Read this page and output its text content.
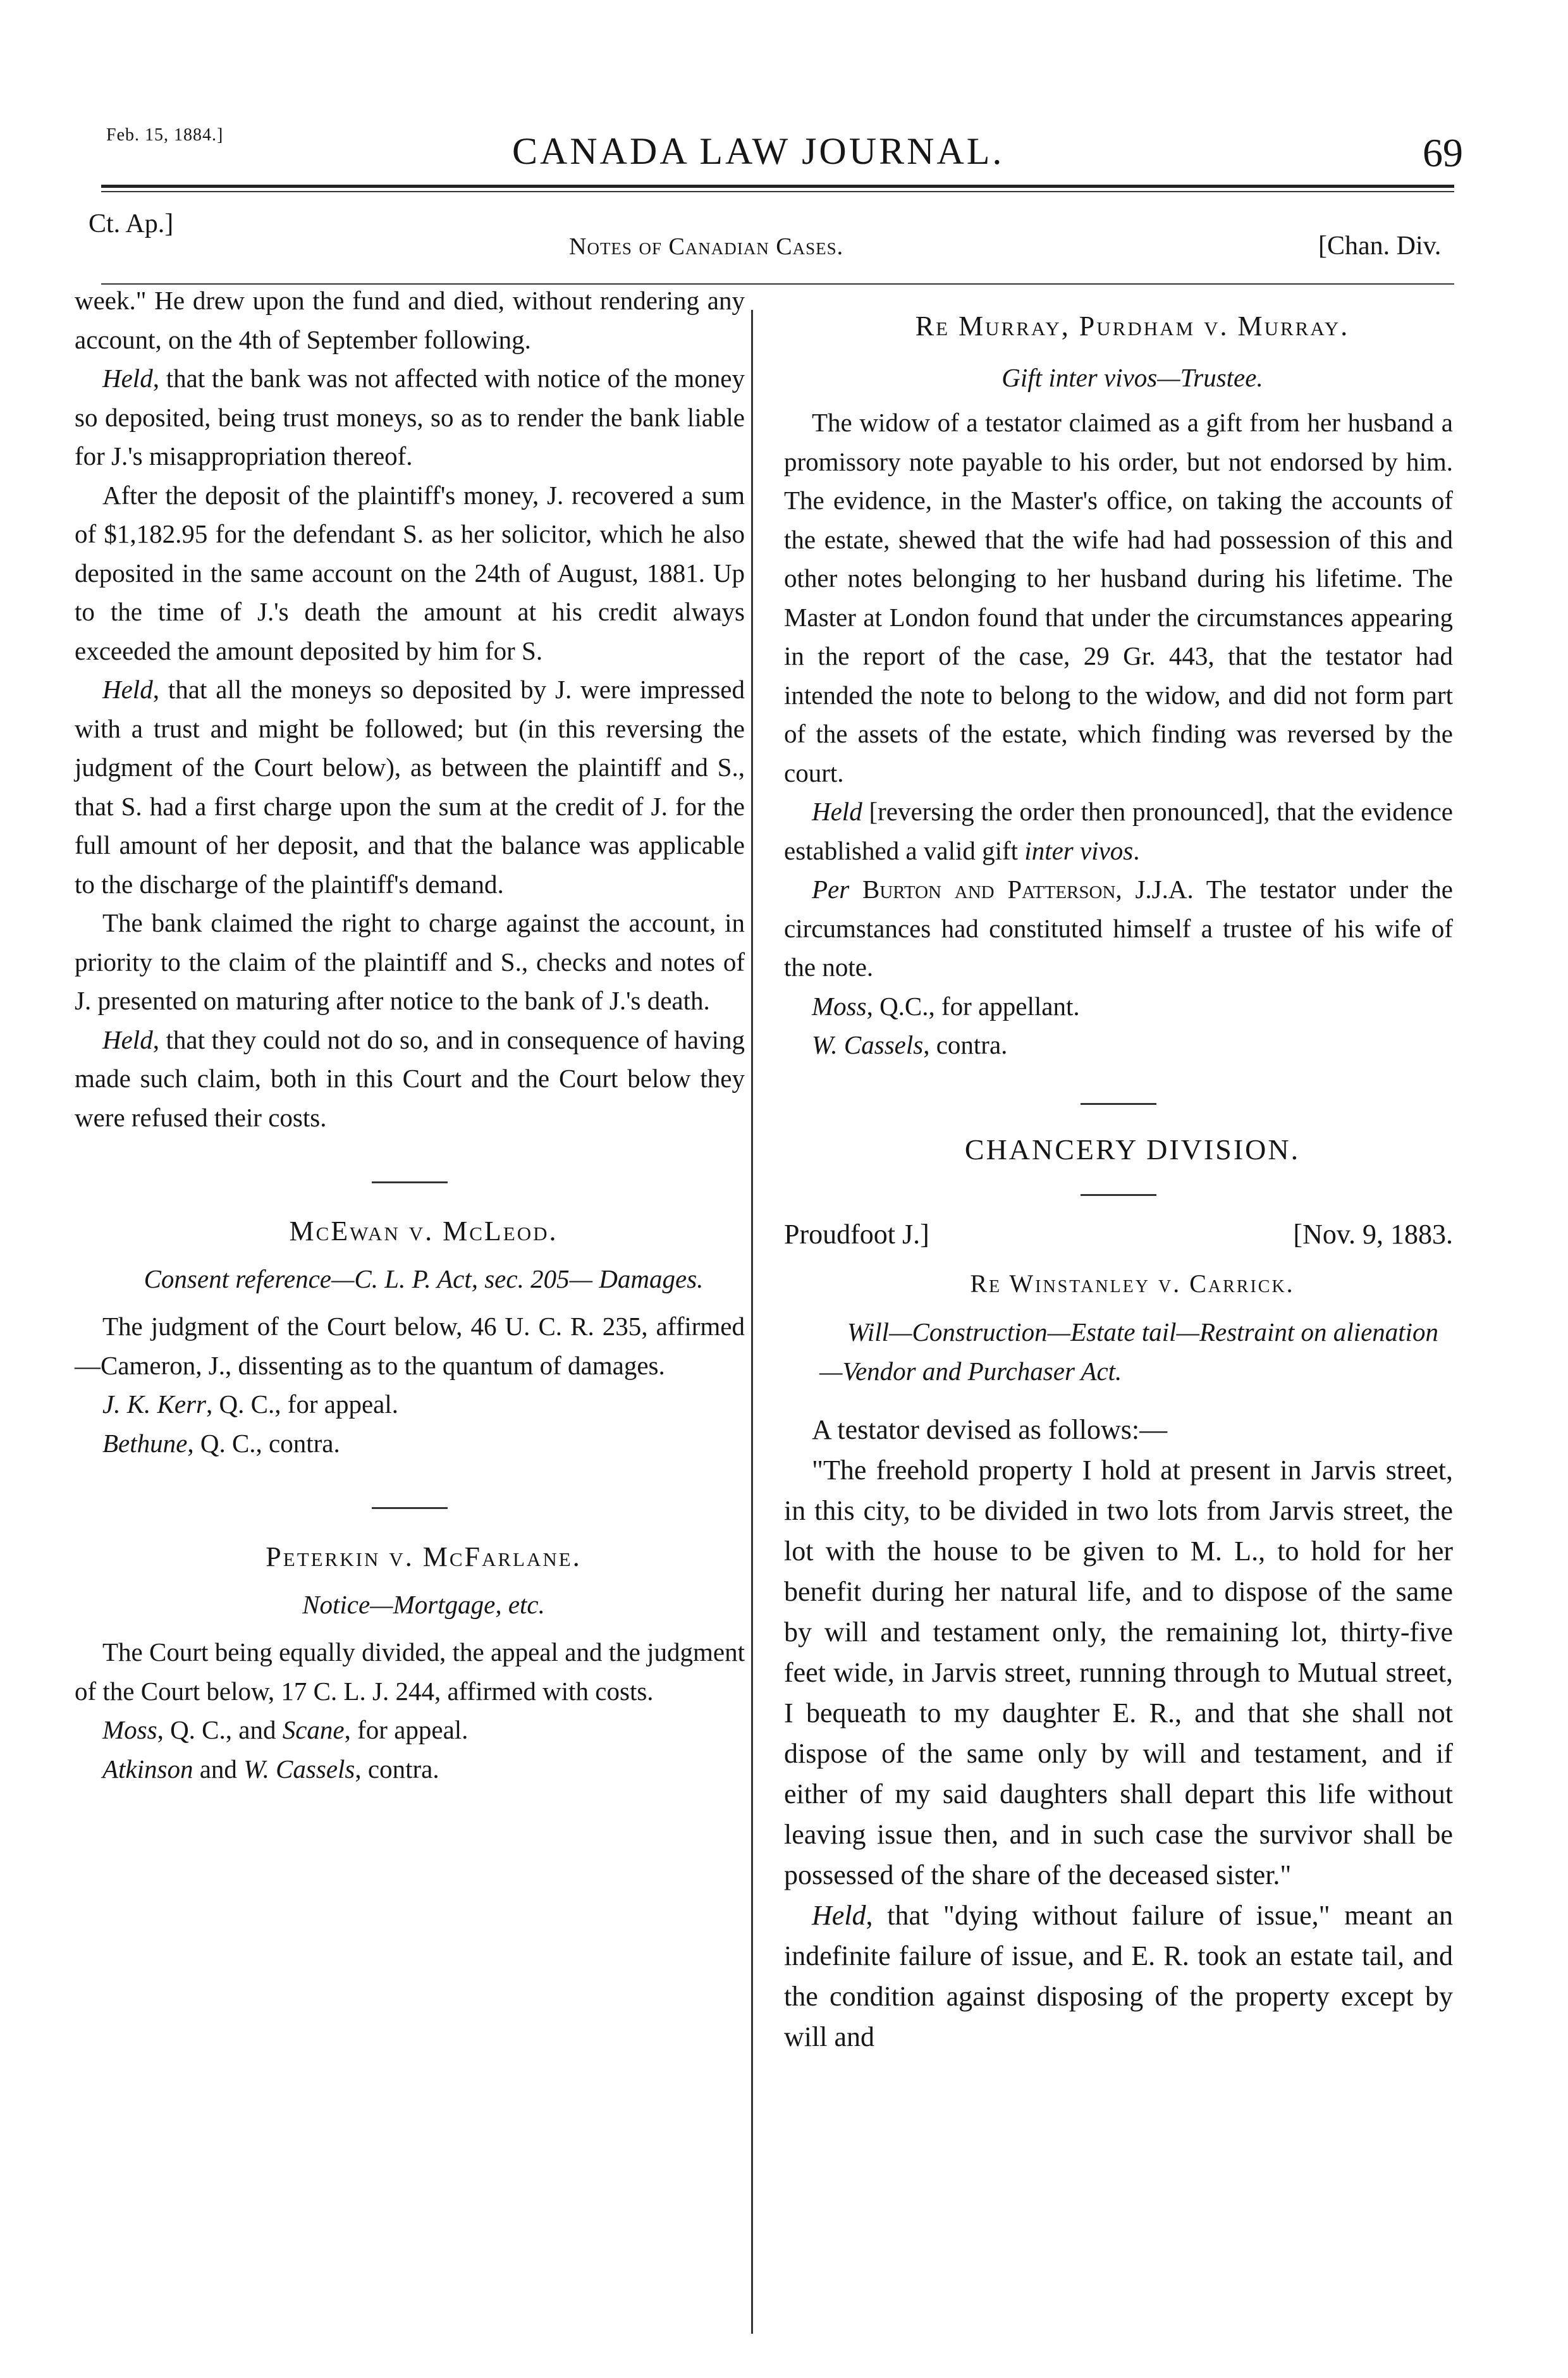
Feb. 15, 1884.]	CANADA LAW JOURNAL.	69
Ct. Ap.]
Notes of Canadian Cases.	[Chan. Div.

week." He drew upon the fund and died, without rendering any account, on the 4th of September following.

Held, that the bank was not affected with notice of the money so deposited, being trust moneys, so as to render the bank liable for J.'s misappropriation thereof.

After the deposit of the plaintiff's money, J. recovered a sum of $1,182.95 for the defendant S. as her solicitor, which he also deposited in the same account on the 24th of August, 1881. Up to the time of J.'s death the amount at his credit always exceeded the amount deposited by him for S.

Held, that all the moneys so deposited by J. were impressed with a trust and might be followed; but (in this reversing the judgment of the Court below), as between the plaintiff and S., that S. had a first charge upon the sum at the credit of J. for the full amount of her deposit, and that the balance was applicable to the discharge of the plaintiff's demand.

The bank claimed the right to charge against the account, in priority to the claim of the plaintiff and S., checks and notes of J. presented on maturing after notice to the bank of J.'s death.

Held, that they could not do so, and in consequence of having made such claim, both in this Court and the Court below they were refused their costs.

McEwan v. McLeod.

Consent reference—C. L. P. Act, sec. 205— Damages.

The judgment of the Court below, 46 U. C. R. 235, affirmed—Cameron, J., dissenting as to the quantum of damages.

J. K. Kerr, Q. C., for appeal.

Bethune, Q. C., contra.

Peterkin v. McFarlane.

Notice—Mortgage, etc.

The Court being equally divided, the appeal and the judgment of the Court below, 17 C. L. J. 244, affirmed with costs.

Moss, Q. C., and Scane, for appeal.

Atkinson and W. Cassels, contra.

Re Murray, Purdham v. Murray.

Gift inter vivos—Trustee.

The widow of a testator claimed as a gift from her husband a promissory note payable to his order, but not endorsed by him. The evidence, in the Master's office, on taking the accounts of the estate, shewed that the wife had had possession of this and other notes belonging to her husband during his lifetime. The Master at London found that under the circumstances appearing in the report of the case, 29 Gr. 443, that the testator had intended the note to belong to the widow, and did not form part of the assets of the estate, which finding was reversed by the court.

Held [reversing the order then pronounced], that the evidence established a valid gift inter vivos.

Per Burton and Patterson, J.J.A. The testator under the circumstances had constituted himself a trustee of his wife of the note.

Moss, Q.C., for appellant.

W. Cassels, contra.

CHANCERY DIVISION.

Proudfoot J.]	[Nov. 9, 1883.

Re Winstanley v. Carrick.

Will—Construction—Estate tail—Restraint on alienation—Vendor and Purchaser Act.

A testator devised as follows:—

"The freehold property I hold at present in Jarvis street, in this city, to be divided in two lots from Jarvis street, the lot with the house to be given to M. L., to hold for her benefit during her natural life, and to dispose of the same by will and testament only, the remaining lot, thirty-five feet wide, in Jarvis street, running through to Mutual street, I bequeath to my daughter E. R., and that she shall not dispose of the same only by will and testament, and if either of my said daughters shall depart this life without leaving issue then, and in such case the survivor shall be possessed of the share of the deceased sister."

Held, that "dying without failure of issue," meant an indefinite failure of issue, and E. R. took an estate tail, and the condition against disposing of the property except by will and
